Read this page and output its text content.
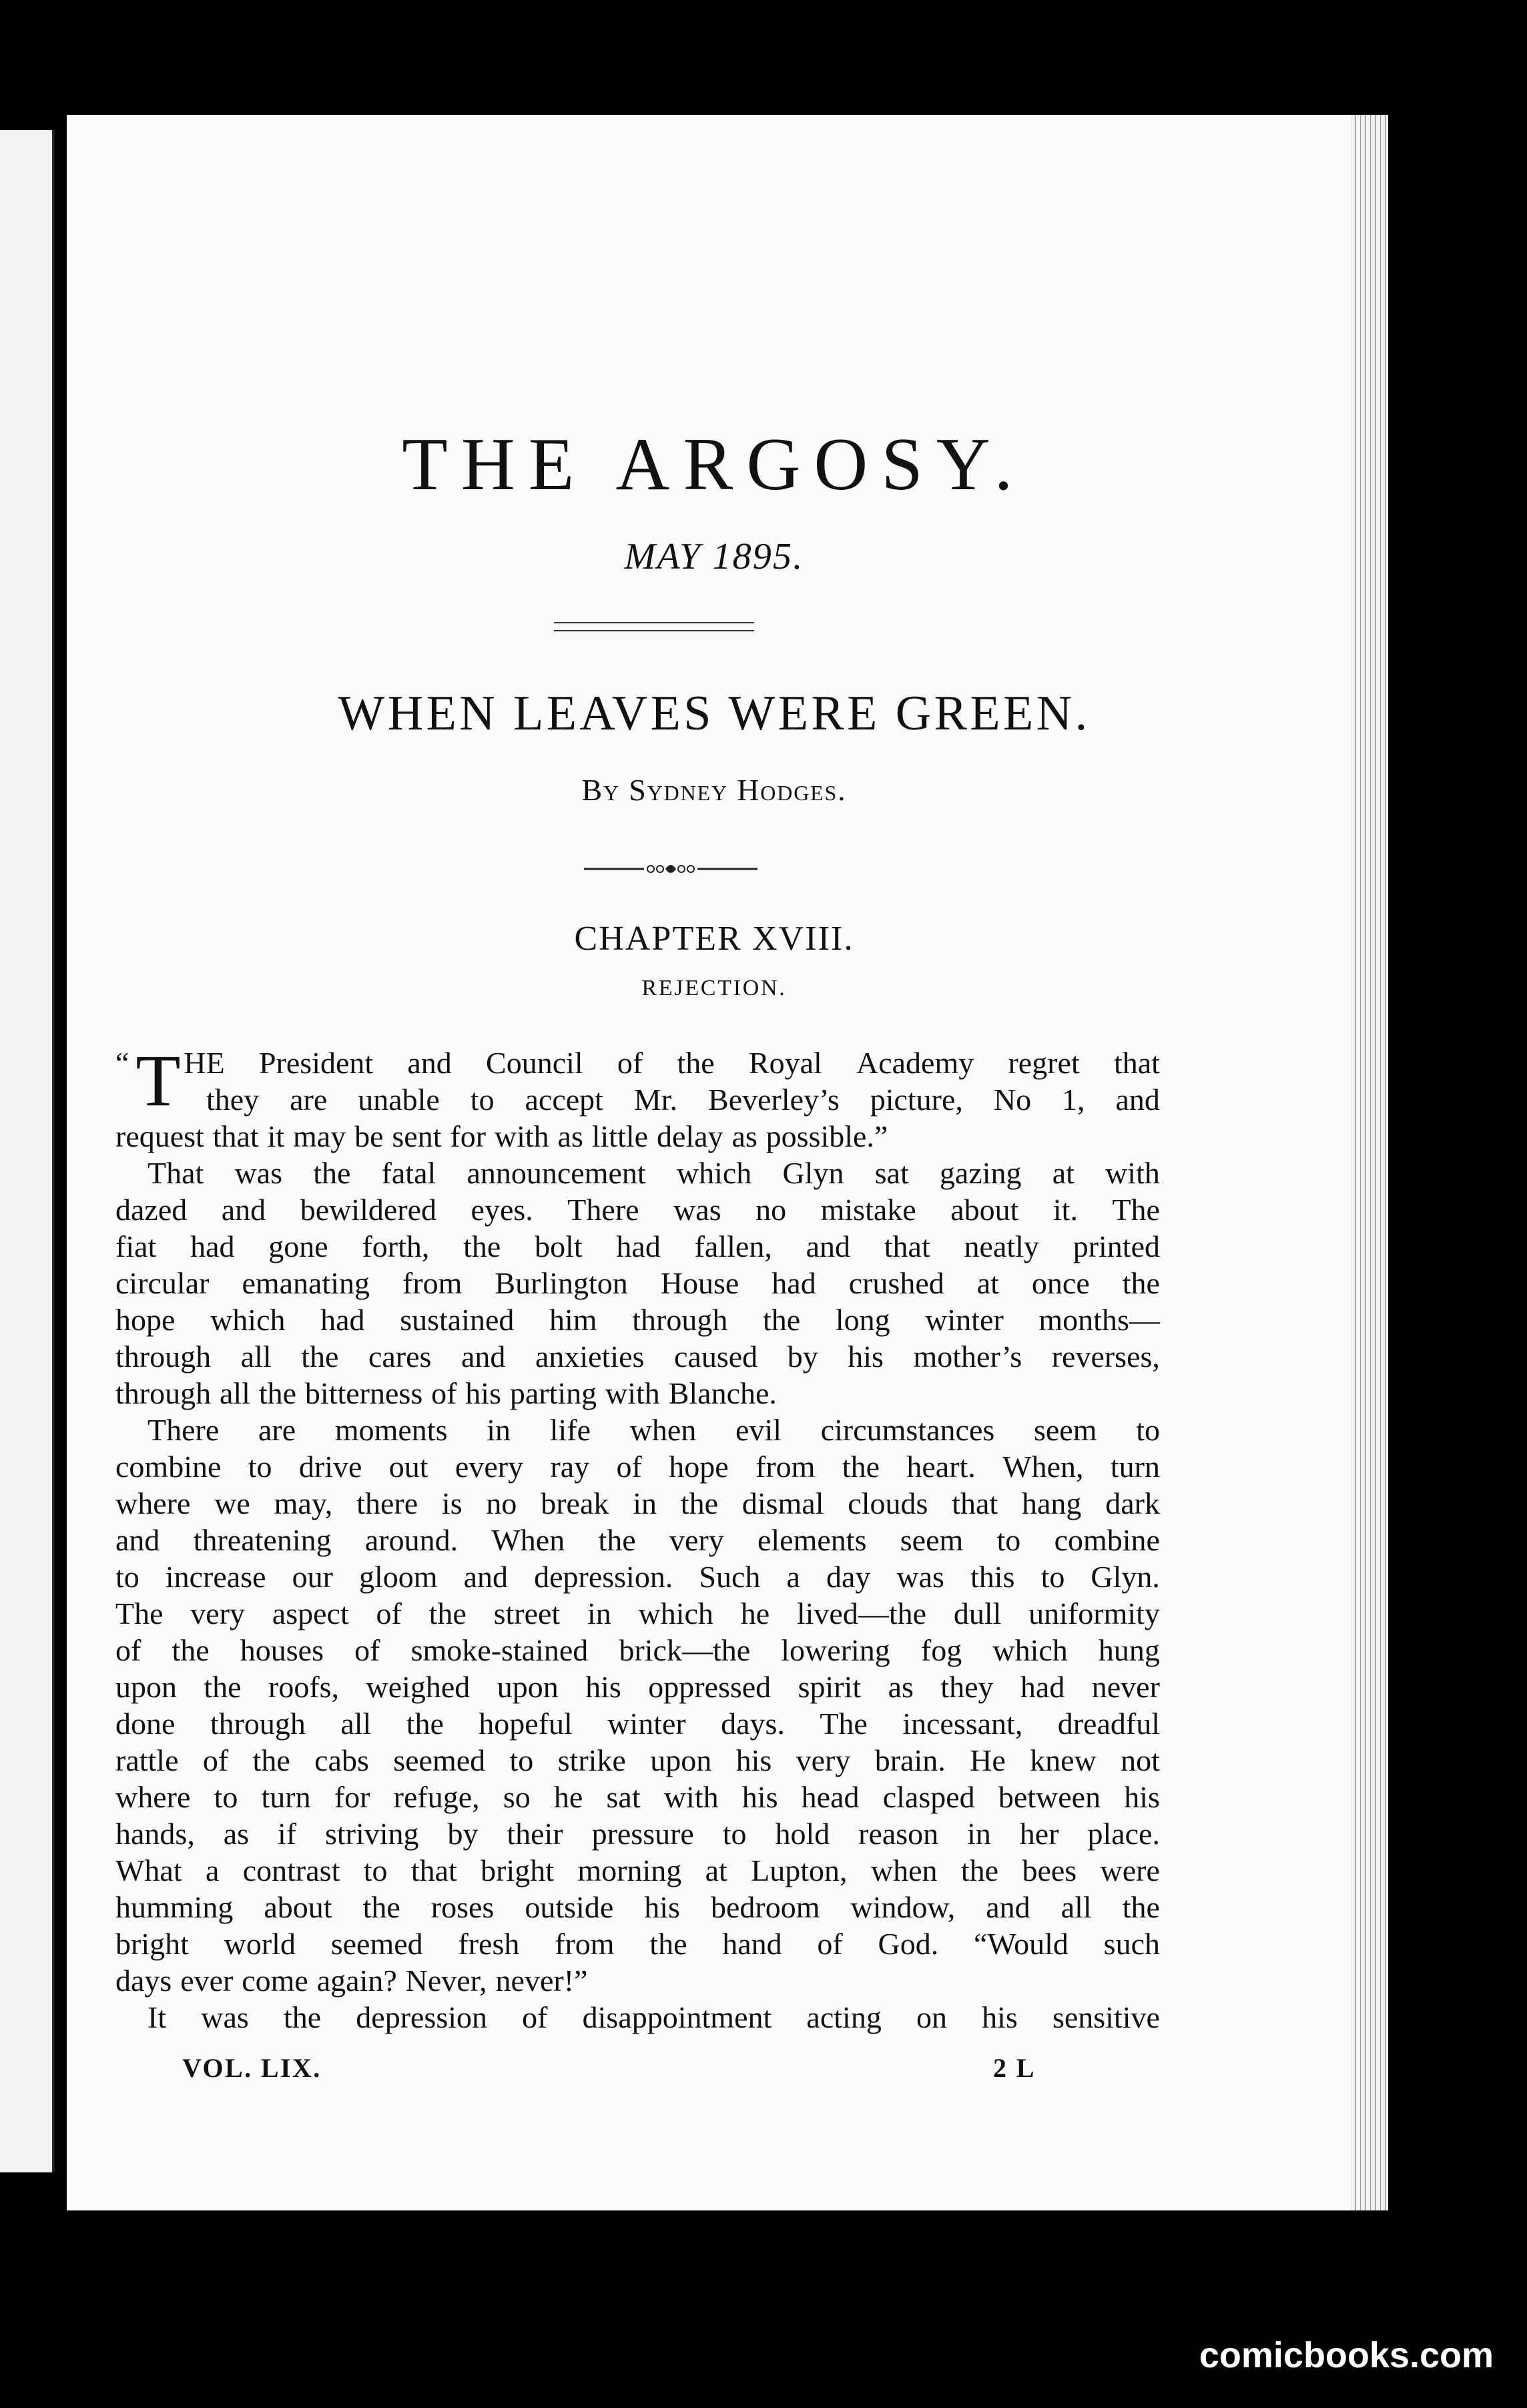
THE ARGOSY.
MAY 1895.
WHEN LEAVES WERE GREEN.
By Sydney Hodges.
CHAPTER XVIII.
REJECTION.
“ T HE President and Council of the Royal Academy regret that
they are unable to accept Mr. Beverley’s picture, No 1, and
request that it may be sent for with as little delay as possible.”
That was the fatal announcement which Glyn sat gazing at with
dazed and bewildered eyes. There was no mistake about it. The
fiat had gone forth, the bolt had fallen, and that neatly printed
circular emanating from Burlington House had crushed at once the
hope which had sustained him through the long winter months—
through all the cares and anxieties caused by his mother’s reverses,
through all the bitterness of his parting with Blanche.
There are moments in life when evil circumstances seem to
combine to drive out every ray of hope from the heart. When, turn
where we may, there is no break in the dismal clouds that hang dark
and threatening around. When the very elements seem to combine
to increase our gloom and depression. Such a day was this to Glyn.
The very aspect of the street in which he lived—the dull uniformity
of the houses of smoke-stained brick—the lowering fog which hung
upon the roofs, weighed upon his oppressed spirit as they had never
done through all the hopeful winter days. The incessant, dreadful
rattle of the cabs seemed to strike upon his very brain. He knew not
where to turn for refuge, so he sat with his head clasped between his
hands, as if striving by their pressure to hold reason in her place.
What a contrast to that bright morning at Lupton, when the bees were
humming about the roses outside his bedroom window, and all the
bright world seemed fresh from the hand of God. “Would such
days ever come again? Never, never!”
It was the depression of disappointment acting on his sensitive
VOL. LIX.	2 L
comicbooks.com
